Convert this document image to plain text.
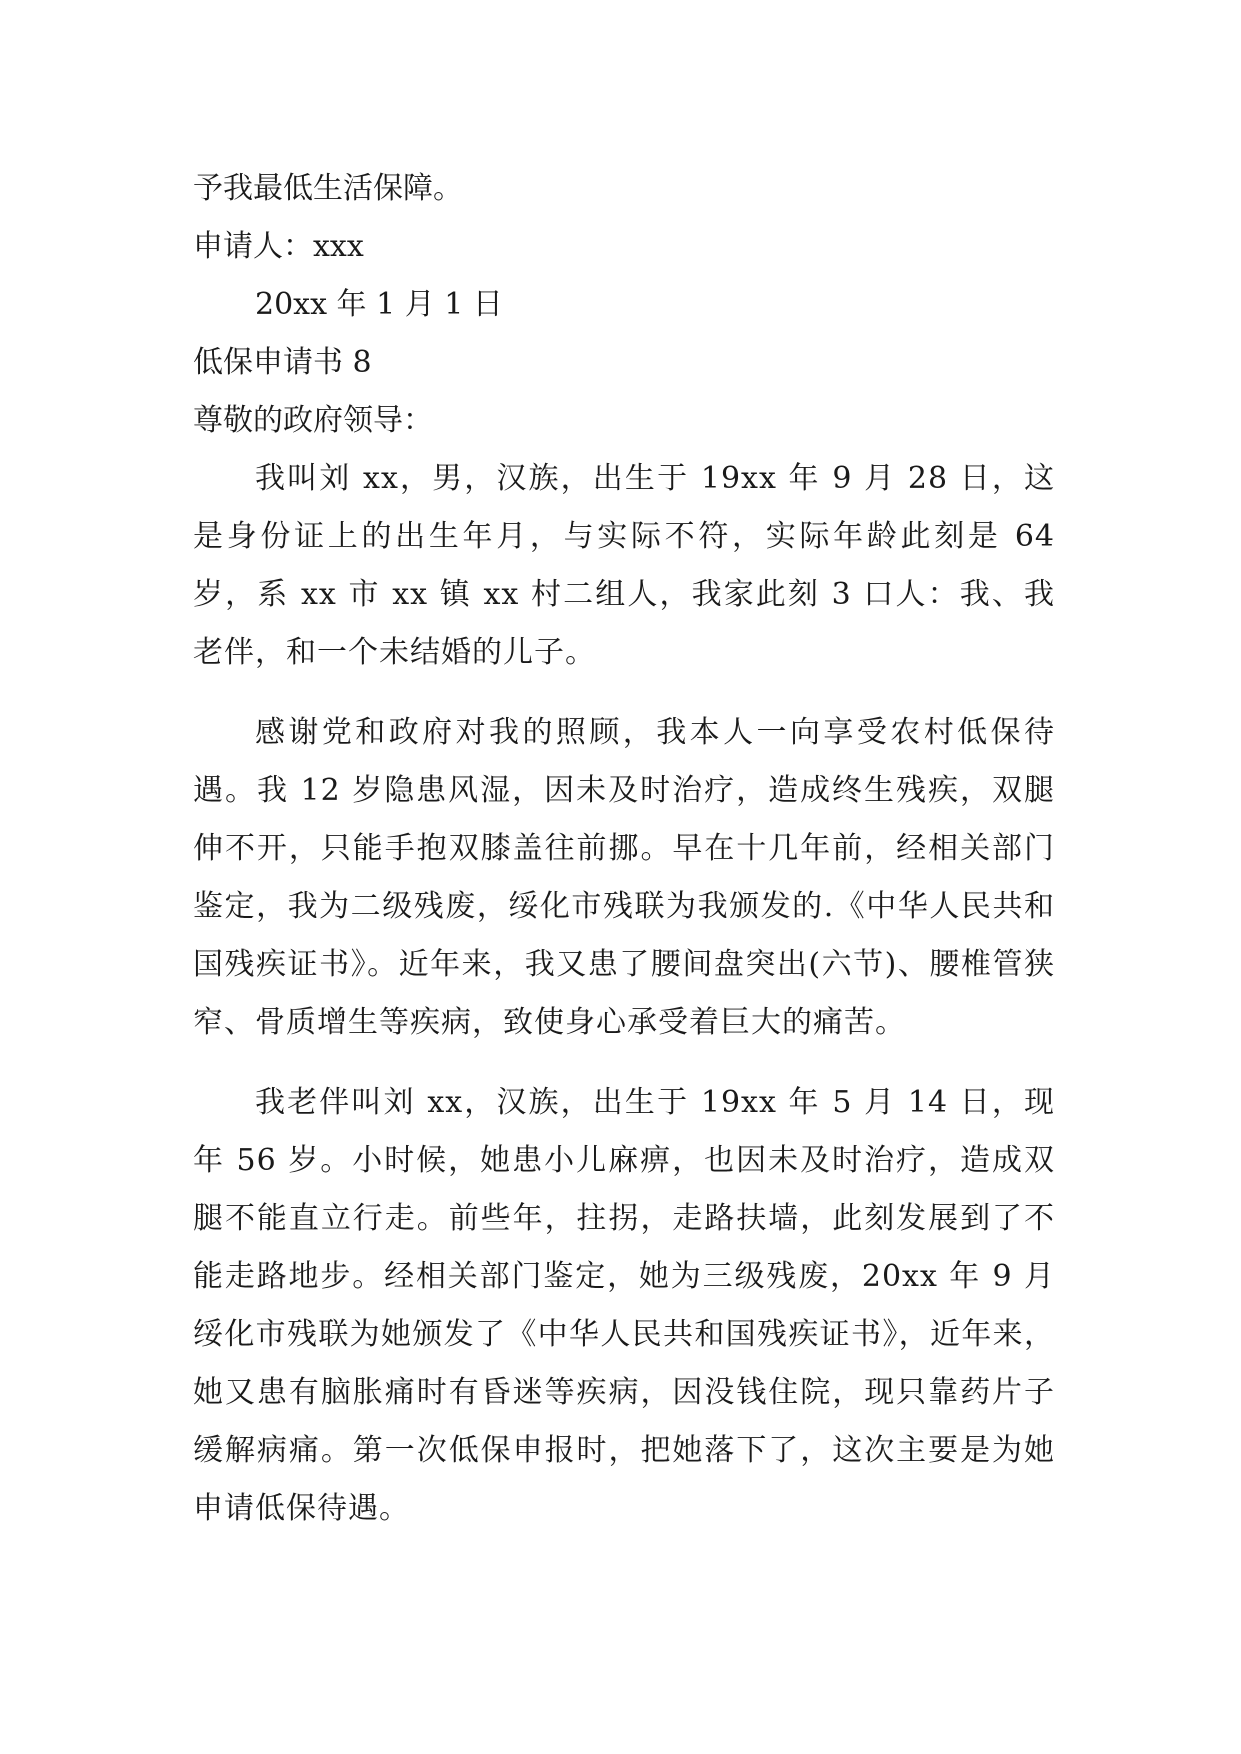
予我最低生活保障。

申请人：xxx

20xx 年 1 月 1 日

低保申请书 8

尊敬的政府领导：

我叫刘 xx，男，汉族，出生于 19xx 年 9 月 28 日，这是身份证上的出生年月，与实际不符，实际年龄此刻是 64 岁，系 xx 市 xx 镇 xx 村二组人，我家此刻 3 口人：我、我老伴，和一个未结婚的儿子。

感谢党和政府对我的照顾，我本人一向享受农村低保待遇。我 12 岁隐患风湿，因未及时治疗，造成终生残疾，双腿伸不开，只能手抱双膝盖往前挪。早在十几年前，经相关部门鉴定，我为二级残废，绥化市残联为我颁发的.《中华人民共和国残疾证书》。近年来，我又患了腰间盘突出(六节)、腰椎管狭窄、骨质增生等疾病，致使身心承受着巨大的痛苦。

我老伴叫刘 xx，汉族，出生于 19xx 年 5 月 14 日，现年 56 岁。小时候，她患小儿麻痹，也因未及时治疗，造成双腿不能直立行走。前些年，拄拐，走路扶墙，此刻发展到了不能走路地步。经相关部门鉴定，她为三级残废，20xx 年 9 月绥化市残联为她颁发了《中华人民共和国残疾证书》，近年来，她又患有脑胀痛时有昏迷等疾病，因没钱住院，现只靠药片子缓解病痛。第一次低保申报时，把她落下了，这次主要是为她申请低保待遇。
